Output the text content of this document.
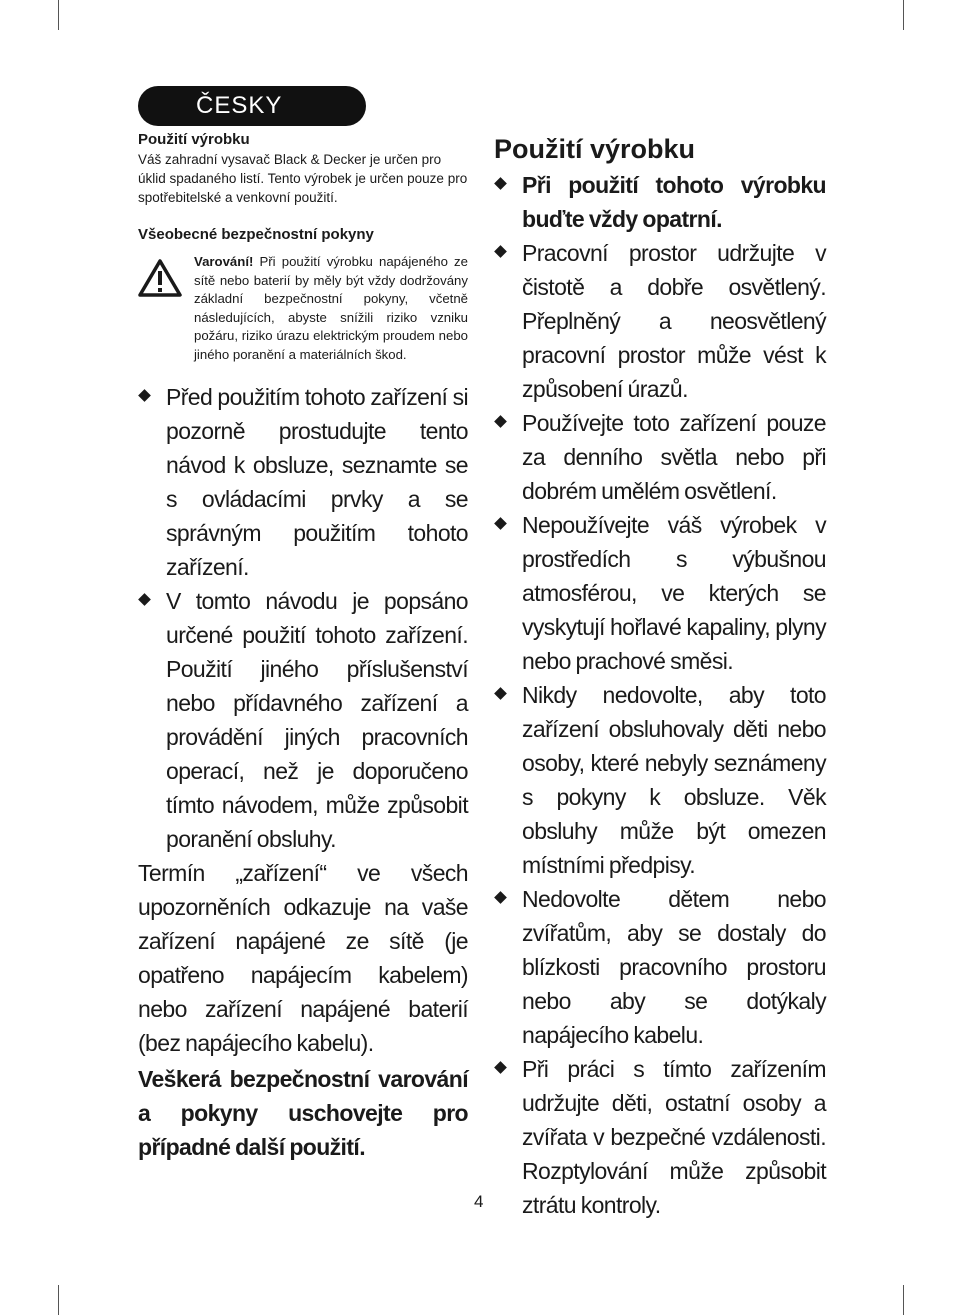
ČESKY
Použití výrobku

Váš zahradní vysavač Black & Decker je určen pro úklid spadaného listí. Tento výrobek je určen pouze pro spotřebitelské a venkovní použití.

Všeobecné bezpečnostní pokyny
Varování! Při použití výrobku napájeného ze sítě nebo baterií by měly být vždy dodržovány základní bezpečnostní pokyny, včetně následujících, abyste snížili riziko vzniku požáru, riziko úrazu elektrickým proudem nebo jiného poranění a materiálních škod.
Před použitím tohoto zařízení si pozorně prostudujte tento návod k obsluze, seznamte se s ovládacími prvky a se správným použitím tohoto zařízení.
V tomto návodu je popsáno určené použití tohoto zařízení. Použití jiného příslušenství nebo přídavného zařízení a provádění jiných pracovních operací, než je doporučeno tímto návodem, může způsobit poranění obsluhy.
Termín „zařízení“ ve všech upozorněních odkazuje na vaše zařízení napájené ze sítě (je opatřeno napájecím kabelem) nebo zařízení napájené baterií (bez napájecího kabelu).
Veškerá bezpečnostní varování a pokyny uschovejte pro případné další použití.
Použití výrobku
Při použití tohoto výrobku buďte vždy opatrní.
Pracovní prostor udržujte v čistotě a dobře osvětlený. Přeplněný a neosvětlený pracovní prostor může vést k způsobení úrazů.
Používejte toto zařízení pouze za denního světla nebo při dobrém umělém osvětlení.
Nepoužívejte váš výrobek v prostředích s výbušnou atmosférou, ve kterých se vyskytují hořlavé kapaliny, plyny nebo prachové směsi.
Nikdy nedovolte, aby toto zařízení obsluhovaly děti nebo osoby, které nebyly seznámeny s pokyny k obsluze. Věk obsluhy může být omezen místními předpisy.
Nedovolte dětem nebo zvířatům, aby se dostaly do blízkosti pracovního prostoru nebo aby se dotýkaly napájecího kabelu.
Při práci s tímto zařízením udržujte děti, ostatní osoby a zvířata v bezpečné vzdálenosti. Rozptylování může způsobit ztrátu kontroly.
4
